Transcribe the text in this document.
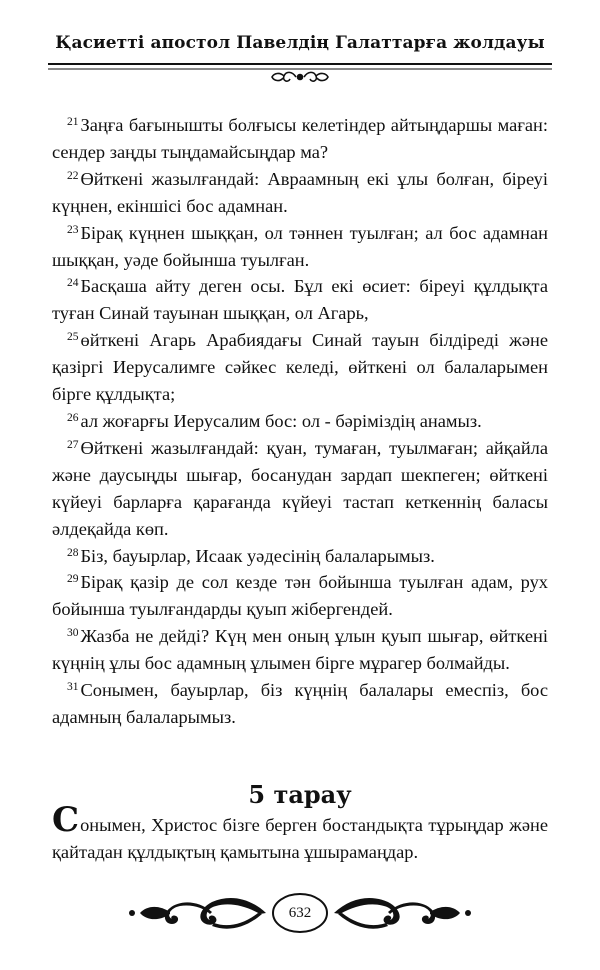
Қасиетті апостол Павелдің Галаттарға жолдауы

$^{21}$ Заңға бағынышты болғысы келетіндер айтыңдаршы маған: сендер заңды тыңдамайсыңдар ма?

$^{22}$ Өйткені жазылғандай: Авраамның екі ұлы болған, біреуі күңнен, екіншісі бос адамнан.

$^{23}$ Бірақ күңнен шыққан, ол тәннен туылған; ал бос адамнан шыққан, уәде бойынша туылған.

$^{24}$ Басқаша айту деген осы. Бұл екі өсиет: біреуі құлдықта туған Синай тауынан шыққан, ол Агарь,

$^{25}$ өйткені Агарь Арабиядағы Синай тауын білдіреді және қазіргі Иерусалимге сәйкес келеді, өйткені ол балаларымен бірге құлдықта;

$^{26}$ ал жоғарғы Иерусалим бос: ол - бәріміздің анамыз.

$^{27}$ Өйткені жазылғандай: қуан, тумаған, туылмаған; айқайла және даусыңды шығар, босанудан зардап шекпеген; өйткені күйеуі барларға қарағанда күйеуі тастап кеткеннің баласы әлдеқайда көп.

$^{28}$ Біз, бауырлар, Исаак уәдесінің балаларымыз.

$^{29}$ Бірақ қазір де сол кезде тән бойынша туылған адам, рух бойынша туылғандарды қуып жібергендей.

$^{30}$ Жазба не дейді? Күң мен оның ұлын қуып шығар, өйткені күңнің ұлы бос адамның ұлымен бірге мұрагер болмайды.

$^{31}$ Сонымен, бауырлар, біз күңнің балалары емеспіз, бос адамның балаларымыз.

5 тарау

Сонымен, Христос бізге берген бостандықта тұрыңдар және қайтадан құлдықтың қамытына ұшырамаңдар.

632
